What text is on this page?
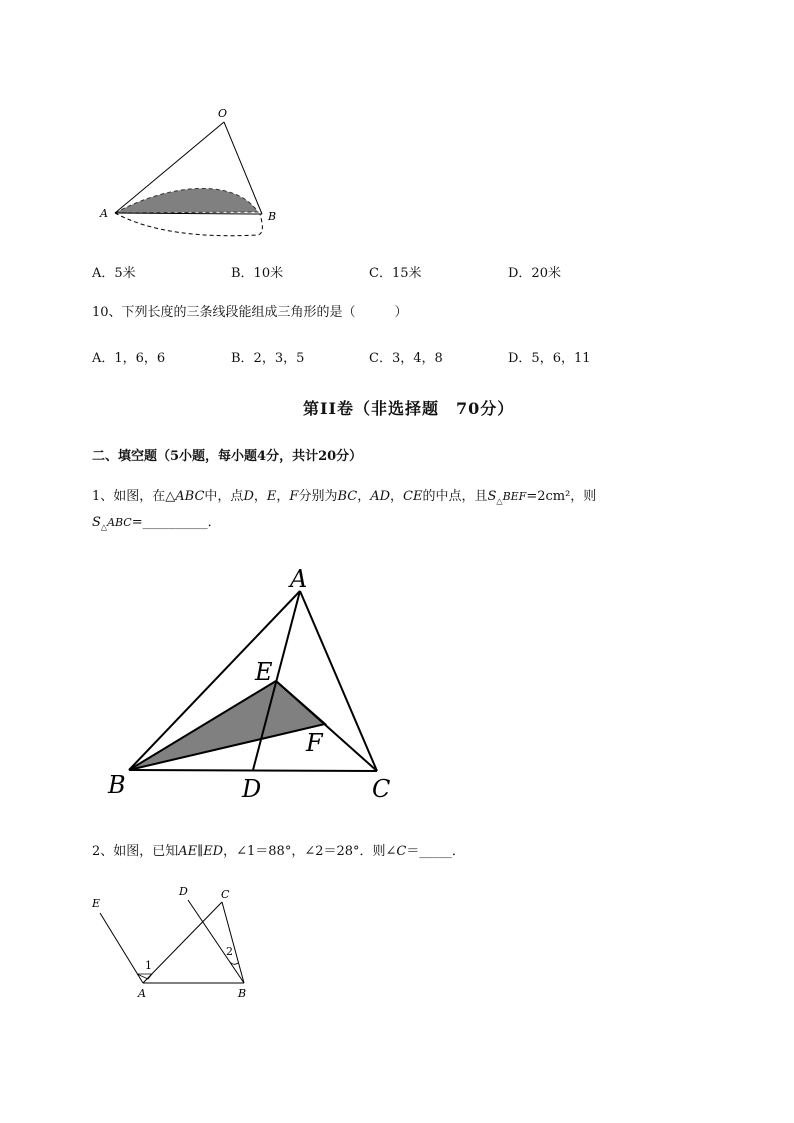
O
A	B
A．5米	B．10米	C．15米	D．20米
10、下列长度的三条线段能组成三角形的是（　　　）
A．1，6，6	B．2，3，5	C．3，4，8	D．5，6，11
第II卷（非选择题　70分）
二、填空题（5小题，每小题4分，共计20分）
1、如图，在△ABC中，点D，E，F分别为BC，AD，CE的中点，且$S_\triangle BEF=2cm^2$，则
$S_\triangle ABC=\_\_\_\_\_\_\_\_\_\_$．
A
B	C
D
E
F
2、如图，已知AE∥ED，∠1＝88°，∠2＝28°．则∠C＝_____．
E
D	C
A	B
1
2
